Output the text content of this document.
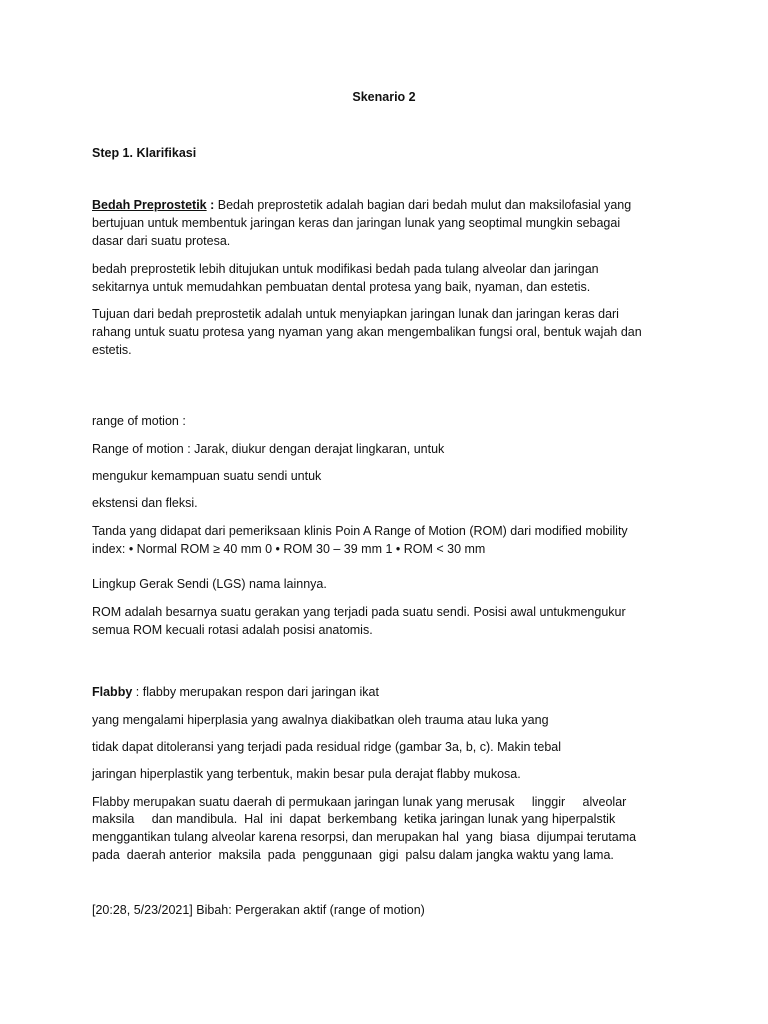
Skenario 2
Step 1. Klarifikasi
Bedah Preprostetik : Bedah preprostetik adalah bagian dari bedah mulut dan maksilofasial yang
bertujuan untuk membentuk jaringan keras dan jaringan lunak yang seoptimal mungkin sebagai
dasar dari suatu protesa.
bedah preprostetik lebih ditujukan untuk modifikasi bedah pada tulang alveolar dan jaringan
sekitarnya untuk memudahkan pembuatan dental protesa yang baik, nyaman, dan estetis.
Tujuan dari bedah preprostetik adalah untuk menyiapkan jaringan lunak dan jaringan keras dari
rahang untuk suatu protesa yang nyaman yang akan mengembalikan fungsi oral, bentuk wajah dan
estetis.
range of motion :
Range of motion : Jarak, diukur dengan derajat lingkaran, untuk
mengukur kemampuan suatu sendi untuk
ekstensi dan fleksi.
Tanda yang didapat dari pemeriksaan klinis Poin A Range of Motion (ROM) dari modified mobility
index: • Normal ROM ≥ 40 mm 0 • ROM 30 – 39 mm 1 • ROM < 30 mm
Lingkup Gerak Sendi (LGS) nama lainnya.
ROM adalah besarnya suatu gerakan yang terjadi pada suatu sendi. Posisi awal untukmengukur
semua ROM kecuali rotasi adalah posisi anatomis.
Flabby : flabby merupakan respon dari jaringan ikat
yang mengalami hiperplasia yang awalnya diakibatkan oleh trauma atau luka yang
tidak dapat ditoleransi yang terjadi pada residual ridge (gambar 3a, b, c). Makin tebal
jaringan hiperplastik yang terbentuk, makin besar pula derajat flabby mukosa.
Flabby merupakan suatu daerah di permukaan jaringan lunak yang merusak     linggir     alveolar
maksila     dan mandibula.  Hal  ini  dapat  berkembang  ketika jaringan lunak yang hiperpalstik
menggantikan tulang alveolar karena resorpsi, dan merupakan hal  yang  biasa  dijumpai terutama
pada  daerah anterior  maksila  pada  penggunaan  gigi  palsu dalam jangka waktu yang lama.
[20:28, 5/23/2021] Bibah: Pergerakan aktif (range of motion)
